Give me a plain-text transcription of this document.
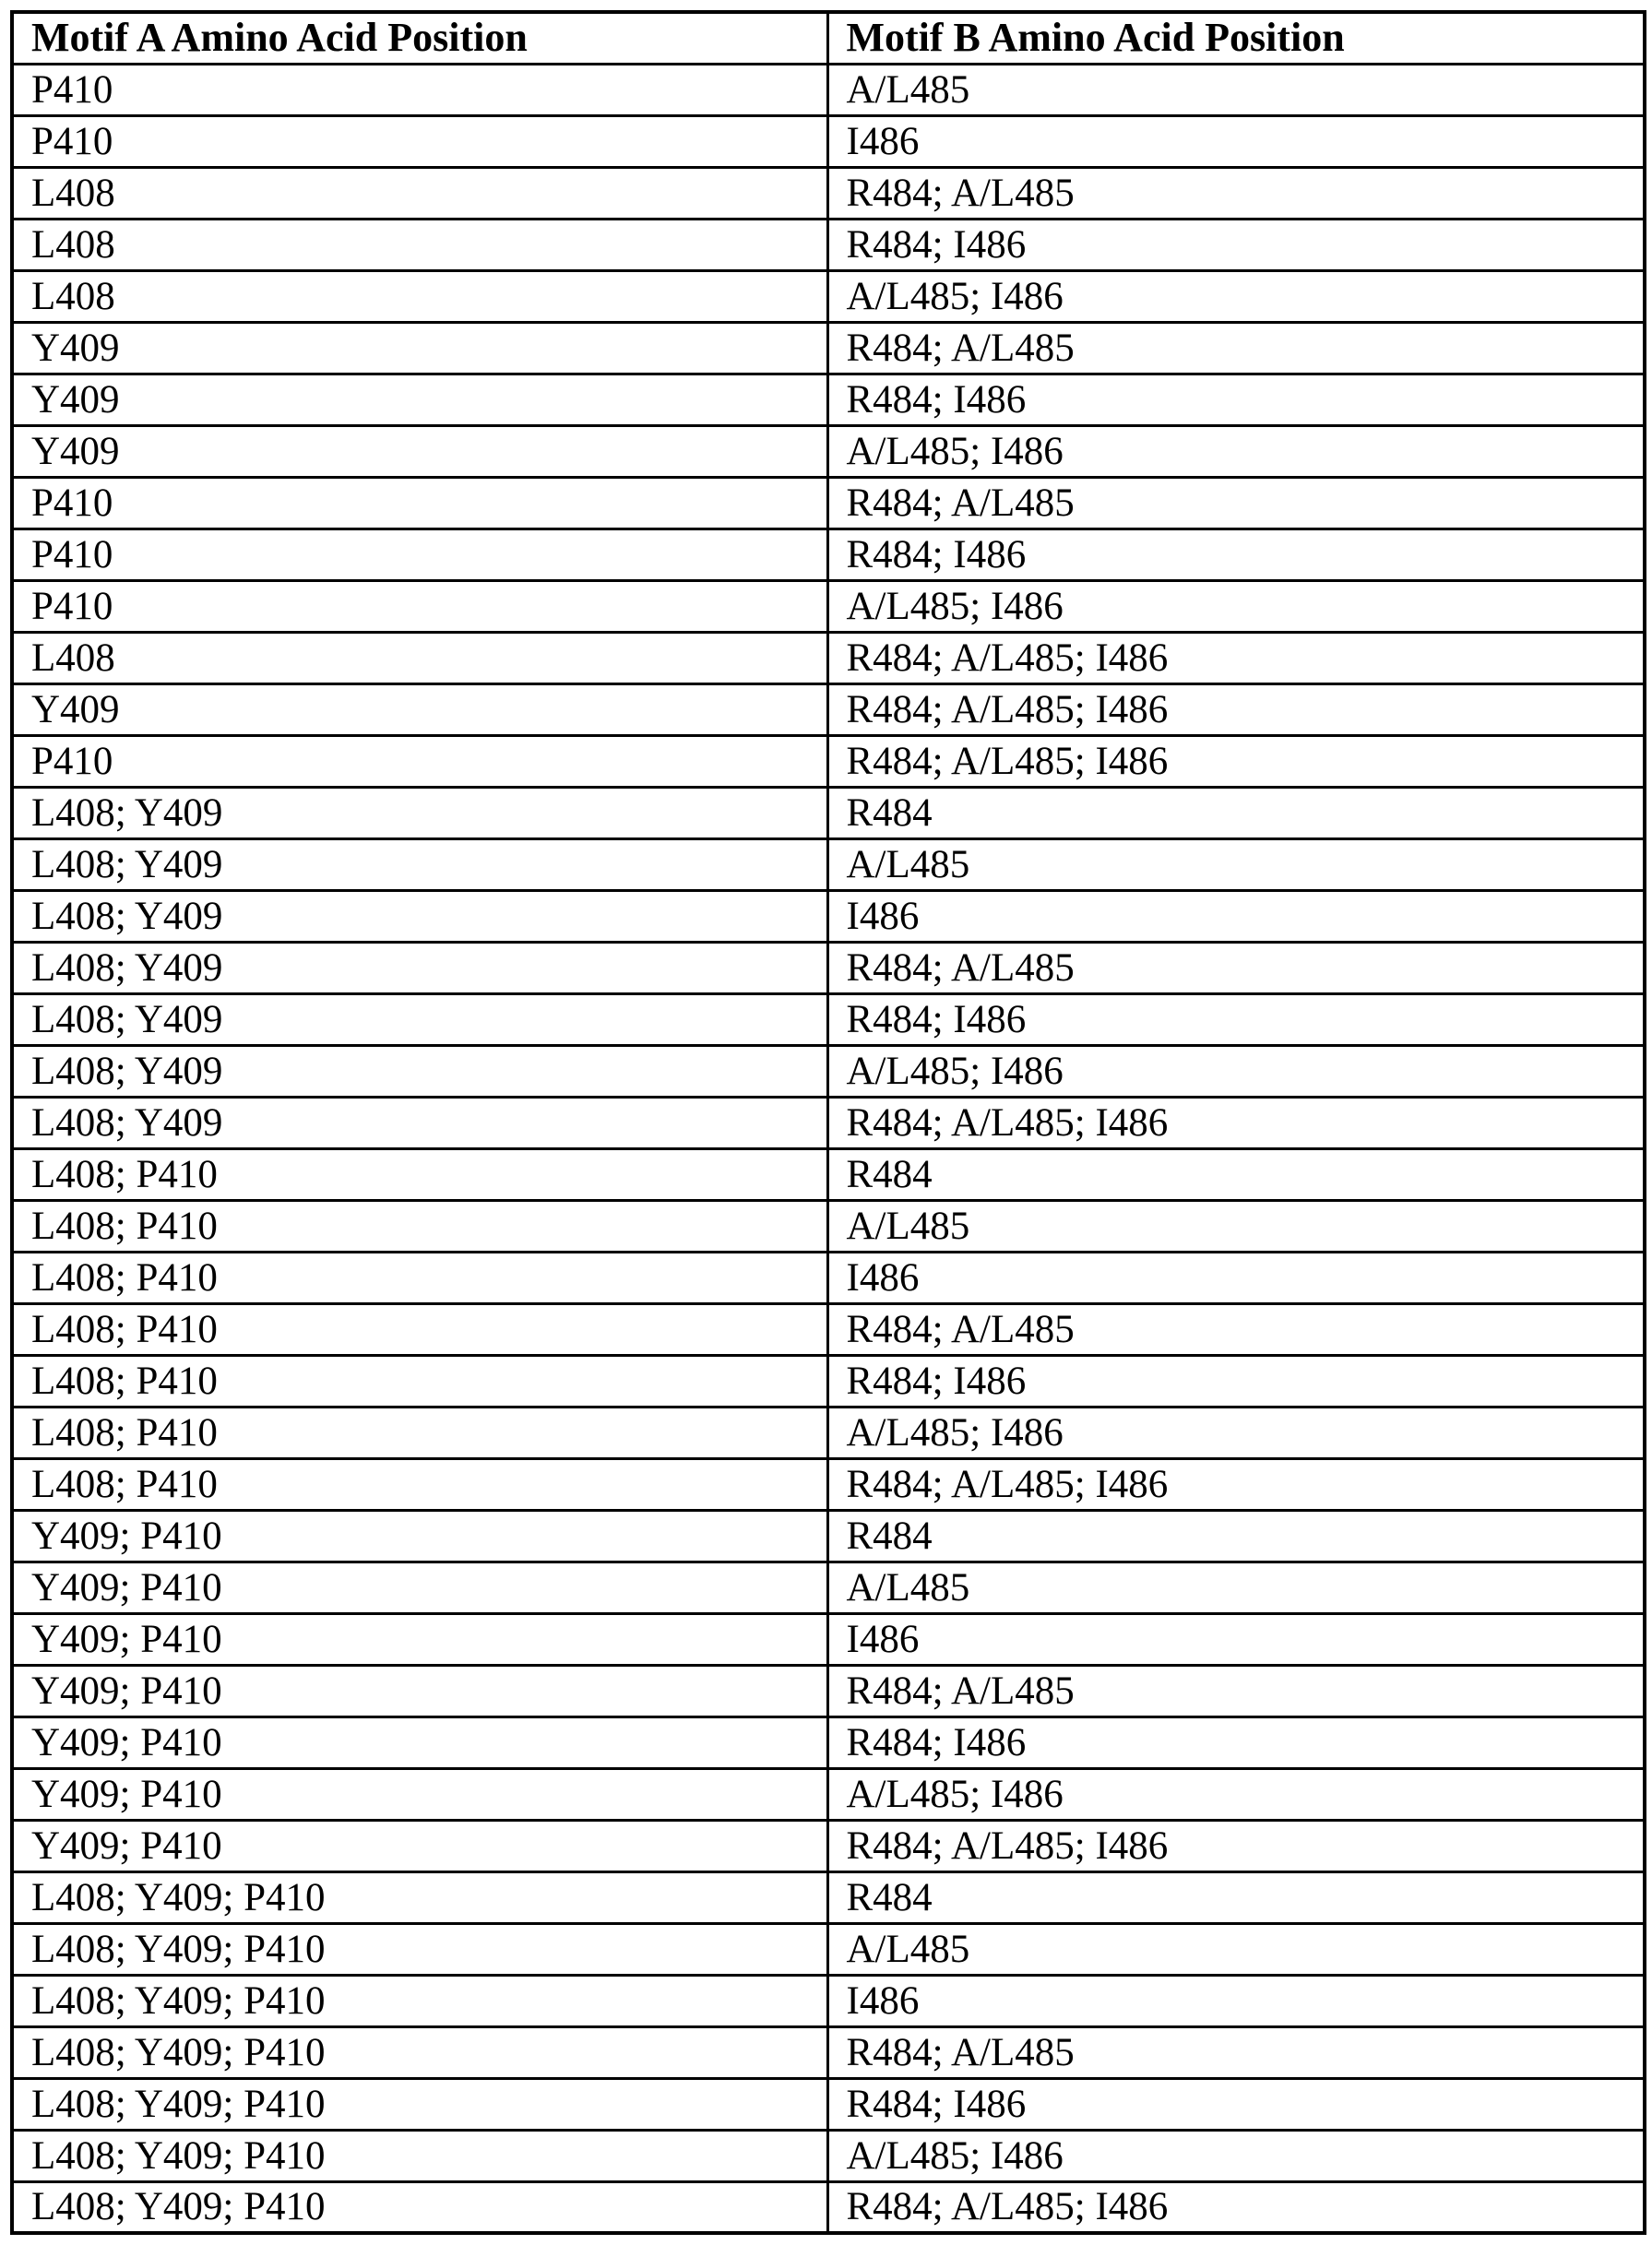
Motif A Amino Acid Position	Motif B Amino Acid Position
P410	A/L485
P410	I486
L408	R484; A/L485
L408	R484; I486
L408	A/L485; I486
Y409	R484; A/L485
Y409	R484; I486
Y409	A/L485; I486
P410	R484; A/L485
P410	R484; I486
P410	A/L485; I486
L408	R484; A/L485; I486
Y409	R484; A/L485; I486
P410	R484; A/L485; I486
L408; Y409	R484
L408; Y409	A/L485
L408; Y409	I486
L408; Y409	R484; A/L485
L408; Y409	R484; I486
L408; Y409	A/L485; I486
L408; Y409	R484; A/L485; I486
L408; P410	R484
L408; P410	A/L485
L408; P410	I486
L408; P410	R484; A/L485
L408; P410	R484; I486
L408; P410	A/L485; I486
L408; P410	R484; A/L485; I486
Y409; P410	R484
Y409; P410	A/L485
Y409; P410	I486
Y409; P410	R484; A/L485
Y409; P410	R484; I486
Y409; P410	A/L485; I486
Y409; P410	R484; A/L485; I486
L408; Y409; P410	R484
L408; Y409; P410	A/L485
L408; Y409; P410	I486
L408; Y409; P410	R484; A/L485
L408; Y409; P410	R484; I486
L408; Y409; P410	A/L485; I486
L408; Y409; P410	R484; A/L485; I486
